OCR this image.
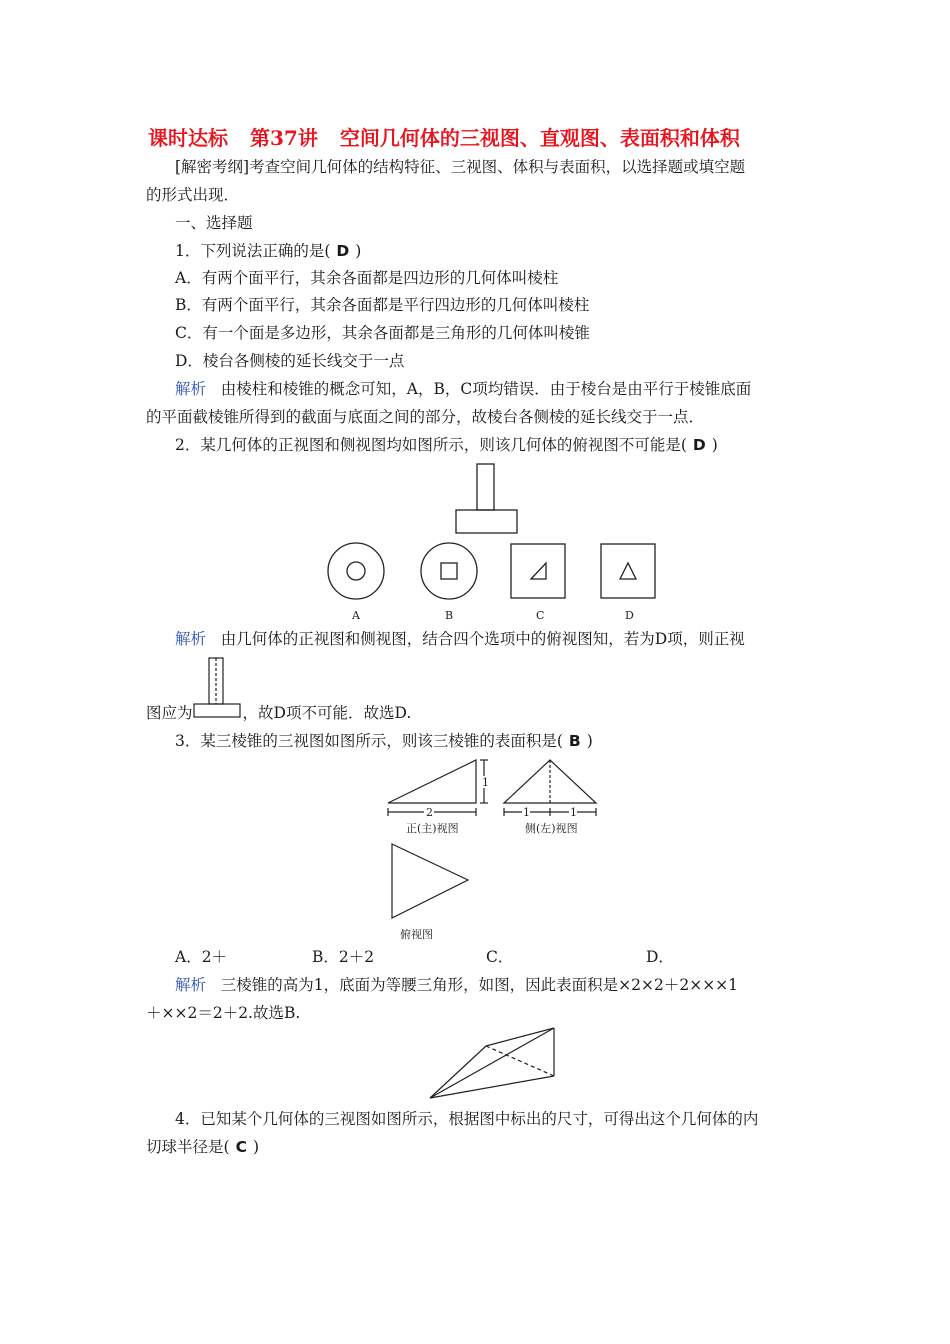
课时达标 第37讲 空间几何体的三视图、直观图、表面积和体积
[解密考纲]考查空间几何体的结构特征、三视图、体积与表面积，以选择题或填空题
的形式出现．
一、选择题
1．下列说法正确的是( D )
A．有两个面平行，其余各面都是四边形的几何体叫棱柱
B．有两个面平行，其余各面都是平行四边形的几何体叫棱柱
C．有一个面是多边形，其余各面都是三角形的几何体叫棱锥
D．棱台各侧棱的延长线交于一点
解析 由棱柱和棱锥的概念可知，A，B，C项均错误．由于棱台是由平行于棱锥底面
的平面截棱锥所得到的截面与底面之间的部分，故棱台各侧棱的延长线交于一点．
2．某几何体的正视图和侧视图均如图所示，则该几何体的俯视图不可能是( D )
A	B	C	D
解析 由几何体的正视图和侧视图，结合四个选项中的俯视图知，若为D项，则正视
图应为	，故D项不可能．故选D.
3．某三棱锥的三视图如图所示，则该三棱锥的表面积是( B )
2
1
1	1
正(主)视图	侧(左)视图
俯视图
A．2＋	B．2＋2	C．	D．
解析 三棱锥的高为1，底面为等腰三角形，如图，因此表面积是×2×2＋2×××1
＋××2＝2＋2.故选B.
4．已知某个几何体的三视图如图所示，根据图中标出的尺寸，可得出这个几何体的内
切球半径是( C )
